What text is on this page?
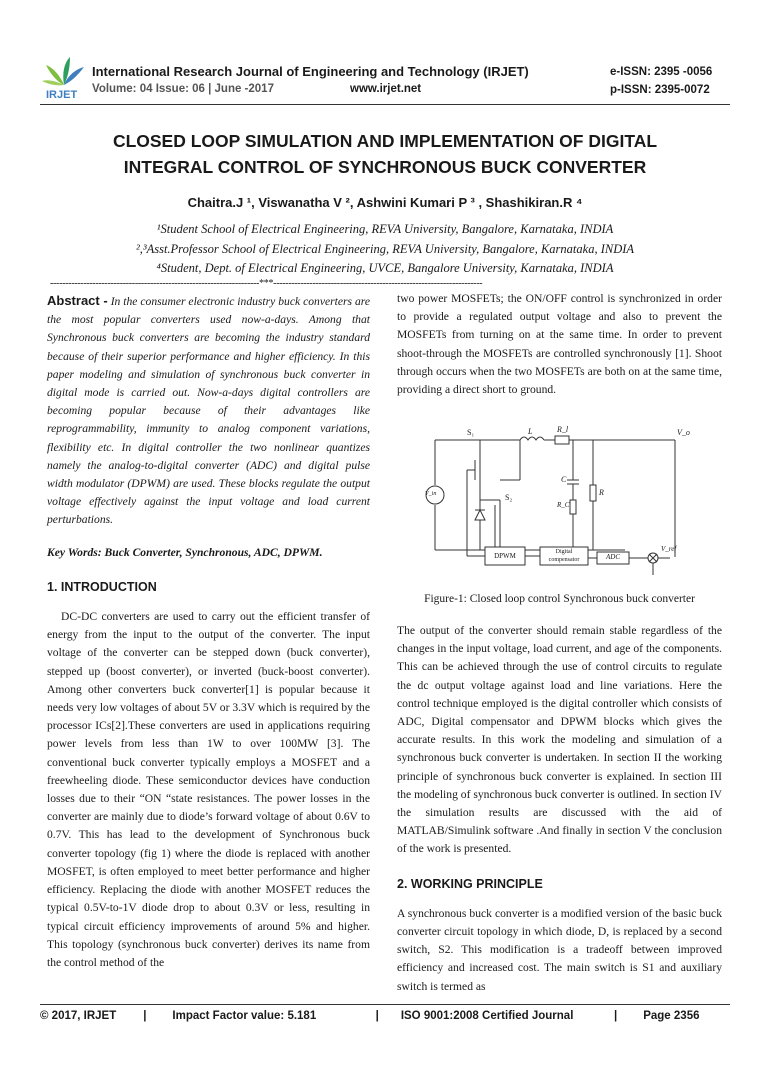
IRJET
International Research Journal of Engineering and Technology (IRJET)
Volume: 04 Issue: 06 | June -2017	www.irjet.net
e-ISSN: 2395 -0056
p-ISSN: 2395-0072
CLOSED LOOP SIMULATION AND IMPLEMENTATION OF DIGITAL
INTEGRAL CONTROL OF SYNCHRONOUS BUCK CONVERTER
Chaitra.J ¹, Viswanatha V ², Ashwini Kumari P ³ , Shashikiran.R ⁴
¹Student School of Electrical Engineering, REVA University, Bangalore, Karnataka, INDIA
²,³Asst.Professor School of Electrical Engineering, REVA University, Bangalore, Karnataka, INDIA
⁴Student, Dept. of Electrical Engineering, UVCE, Bangalore University, Karnataka, INDIA
---------------------------------------------------------------------***---------------------------------------------------------------------

Abstract - In the consumer electronic industry buck converters are the most popular converters used now-a-days. Among that Synchronous buck converters are becoming the industry standard because of their superior performance and higher efficiency. In this paper modeling and simulation of synchronous buck converter in digital mode is carried out. Now-a-days digital controllers are becoming popular because of their advantages like reprogrammability, immunity to analog component variations, flexibility etc. In digital controller the two nonlinear quantizes namely the analog-to-digital converter (ADC) and digital pulse width modulator (DPWM) are used. These blocks regulate the output voltage effectively against the input voltage and load current perturbations.

Key Words: Buck Converter, Synchronous, ADC, DPWM.

1. INTRODUCTION

DC-DC converters are used to carry out the efficient transfer of energy from the input to the output of the converter. The input voltage of the converter can be stepped down (buck converter), stepped up (boost converter), or inverted (buck-boost converter). Among other converters buck converter[1] is popular because it needs very low voltages of about 5V or 3.3V which is required by the processor ICs[2].These converters are used in applications requiring power levels from less than 1W to over 100MW [3]. The conventional buck converter typically employs a MOSFET and a freewheeling diode. These semiconductor devices have conduction losses due to their “ON “state resistances. The power losses in the converter are mainly due to diode’s forward voltage of about 0.6V to 0.7V. This has lead to the development of Synchronous buck converter topology (fig 1) where the diode is replaced with another MOSFET, is often employed to meet better performance and higher efficiency. Replacing the diode with another MOSFET reduces the typical 0.5V-to-1V diode drop to about 0.3V or less, resulting in typical circuit efficiency improvements of around 5% and higher. This topology (synchronous buck converter) derives its name from the control method of the

two power MOSFETs; the ON/OFF control is synchronized in order to provide a regulated output voltage and also to prevent the MOSFETs from turning on at the same time. In order to prevent shoot-through the MOSFETs are controlled synchronously [1]. Shoot through occurs when the two MOSFETs are both on at the same time, providing a direct short to ground.

S₁
S₂
L	R_l	V_o
V_in
C
R
R_C
DPWM	Digital
compensator	ADC
V_ref
Figure-1: Closed loop control Synchronous buck converter

The output of the converter should remain stable regardless of the changes in the input voltage, load current, and age of the components. This can be achieved through the use of control circuits to regulate the dc output voltage against load and line variations. Here the control technique employed is the digital controller which consists of ADC, Digital compensator and DPWM blocks which gives the accurate results. In this work the modeling and simulation of a synchronous buck converter is undertaken. In section II the working principle of synchronous buck converter is explained. In section III the modeling of synchronous buck converter is outlined. In section IV the simulation results are discussed with the aid of MATLAB/Simulink software .And finally in section V the conclusion of the work is presented.

2. WORKING PRINCIPLE

A synchronous buck converter is a modified version of the basic buck converter circuit topology in which diode, D, is replaced by a second switch, S2. This modification is a tradeoff between improved efficiency and increased cost. The main switch is S1 and auxiliary switch is termed as

© 2017, IRJET | Impact Factor value: 5.181	| ISO 9001:2008 Certified Journal	| Page 2356
